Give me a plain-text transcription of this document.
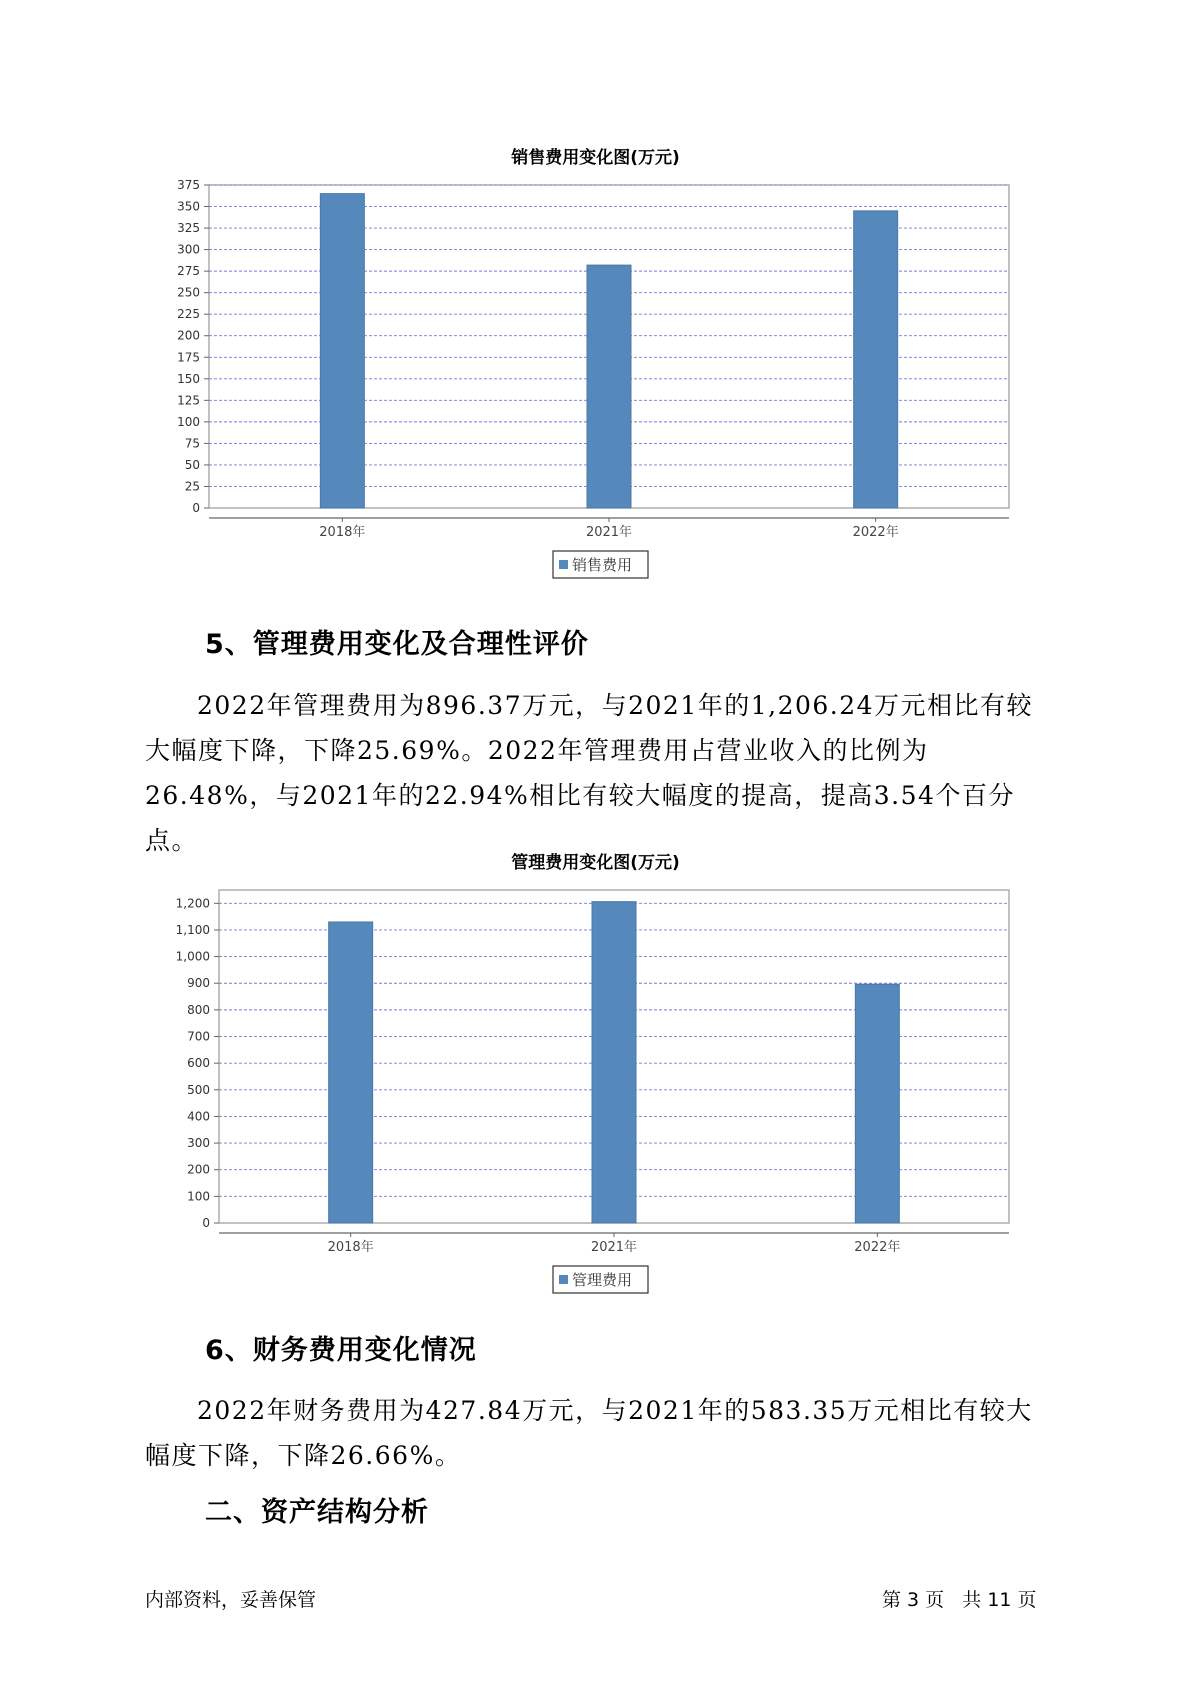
销售费用变化图(万元)
0
25
50
75
100
125
150
175
200
225
250
275
300
325
350
375
2018年	2021年	2022年
销售费用
5、管理费用变化及合理性评价

2022年管理费用为896.37万元，与2021年的1,206.24万元相比有较大幅度下降，下降25.69%。2022年管理费用占营业收入的比例为26.48%，与2021年的22.94%相比有较大幅度的提高，提高3.54个百分点。

管理费用变化图(万元)
0
100
200
300
400
500
600
700
800
900
1,000
1,100
1,200
2018年	2021年	2022年
管理费用
6、财务费用变化情况

2022年财务费用为427.84万元，与2021年的583.35万元相比有较大幅度下降，下降26.66%。

二、资产结构分析
内部资料，妥善保管	第 3 页   共 11 页
